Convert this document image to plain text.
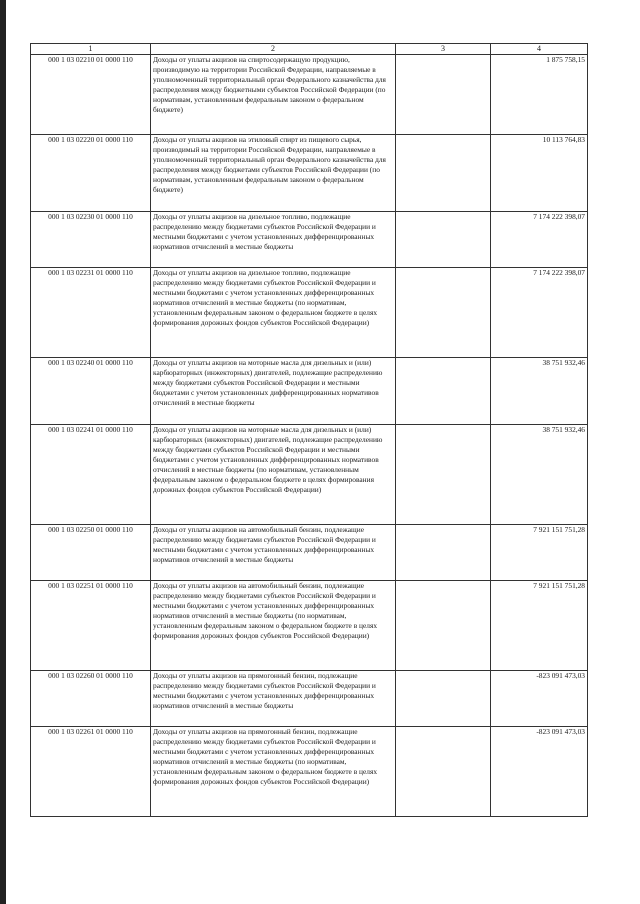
1	2	3	4
000 1 03 02210 01 0000 110	Доходы от уплаты акцизов на спиртосодержащую продукцию, производимую на территории Российской Федерации, направляемые в уполномоченный территориальный орган Федерального казначейства для распределения между бюджетными субъектов Российской Федерации (по нормативам, установленным федеральным законом о федеральном бюджете)		1 875 758,15
000 1 03 02220 01 0000 110	Доходы от уплаты акцизов на этиловый спирт из пищевого сырья, производимый на территории Российской Федерации, направляемые в уполномоченный территориальный орган Федерального казначейства для распределения между бюджетами субъектов Российской Федерации (по нормативам, установленным федеральным законом о федеральном бюджете)		10 113 764,83
000 1 03 02230 01 0000 110	Доходы от уплаты акцизов на дизельное топливо, подлежащие распределению между бюджетами субъектов Российской Федерации и местными бюджетами с учетом установленных дифференцированных нормативов отчислений в местные бюджеты		7 174 222 398,07
000 1 03 02231 01 0000 110	Доходы от уплаты акцизов на дизельное топливо, подлежащие распределению между бюджетами субъектов Российской Федерации и местными бюджетами с учетом установленных дифференцированных нормативов отчислений в местные бюджеты (по нормативам, установленным федеральным законом о федеральном бюджете в целях формирования дорожных фондов субъектов Российской Федерации)		7 174 222 398,07
000 1 03 02240 01 0000 110	Доходы от уплаты акцизов на моторные масла для дизельных и (или) карбюраторных (инжекторных) двигателей, подлежащие распределению между бюджетами субъектов Российской Федерации и местными бюджетами с учетом установленных дифференцированных нормативов отчислений в местные бюджеты		38 751 932,46
000 1 03 02241 01 0000 110	Доходы от уплаты акцизов на моторные масла для дизельных и (или) карбюраторных (инжекторных) двигателей, подлежащие распределению между бюджетами субъектов Российской Федерации и местными бюджетами с учетом установленных дифференцированных нормативов отчислений в местные бюджеты (по нормативам, установленным федеральным законом о федеральном бюджете в целях формирования дорожных фондов субъектов Российской Федерации)		38 751 932,46
000 1 03 02250 01 0000 110	Доходы от уплаты акцизов на автомобильный бензин, подлежащие распределению между бюджетами субъектов Российской Федерации и местными бюджетами с учетом установленных дифференцированных нормативов отчислений в местные бюджеты		7 921 151 751,28
000 1 03 02251 01 0000 110	Доходы от уплаты акцизов на автомобильный бензин, подлежащие распределению между бюджетами субъектов Российской Федерации и местными бюджетами с учетом установленных дифференцированных нормативов отчислений в местные бюджеты (по нормативам, установленным федеральным законом о федеральном бюджете в целях формирования дорожных фондов субъектов Российской Федерации)		7 921 151 751,28
000 1 03 02260 01 0000 110	Доходы от уплаты акцизов на прямогонный бензин, подлежащие распределению между бюджетами субъектов Российской Федерации и местными бюджетами с учетом установленных дифференцированных нормативов отчислений в местные бюджеты		-823 091 473,03
000 1 03 02261 01 0000 110	Доходы от уплаты акцизов на прямогонный бензин, подлежащие распределению между бюджетами субъектов Российской Федерации и местными бюджетами с учетом установленных дифференцированных нормативов отчислений в местные бюджеты (по нормативам, установленным федеральным законом о федеральном бюджете в целях формирования дорожных фондов субъектов Российской Федерации)		-823 091 473,03
